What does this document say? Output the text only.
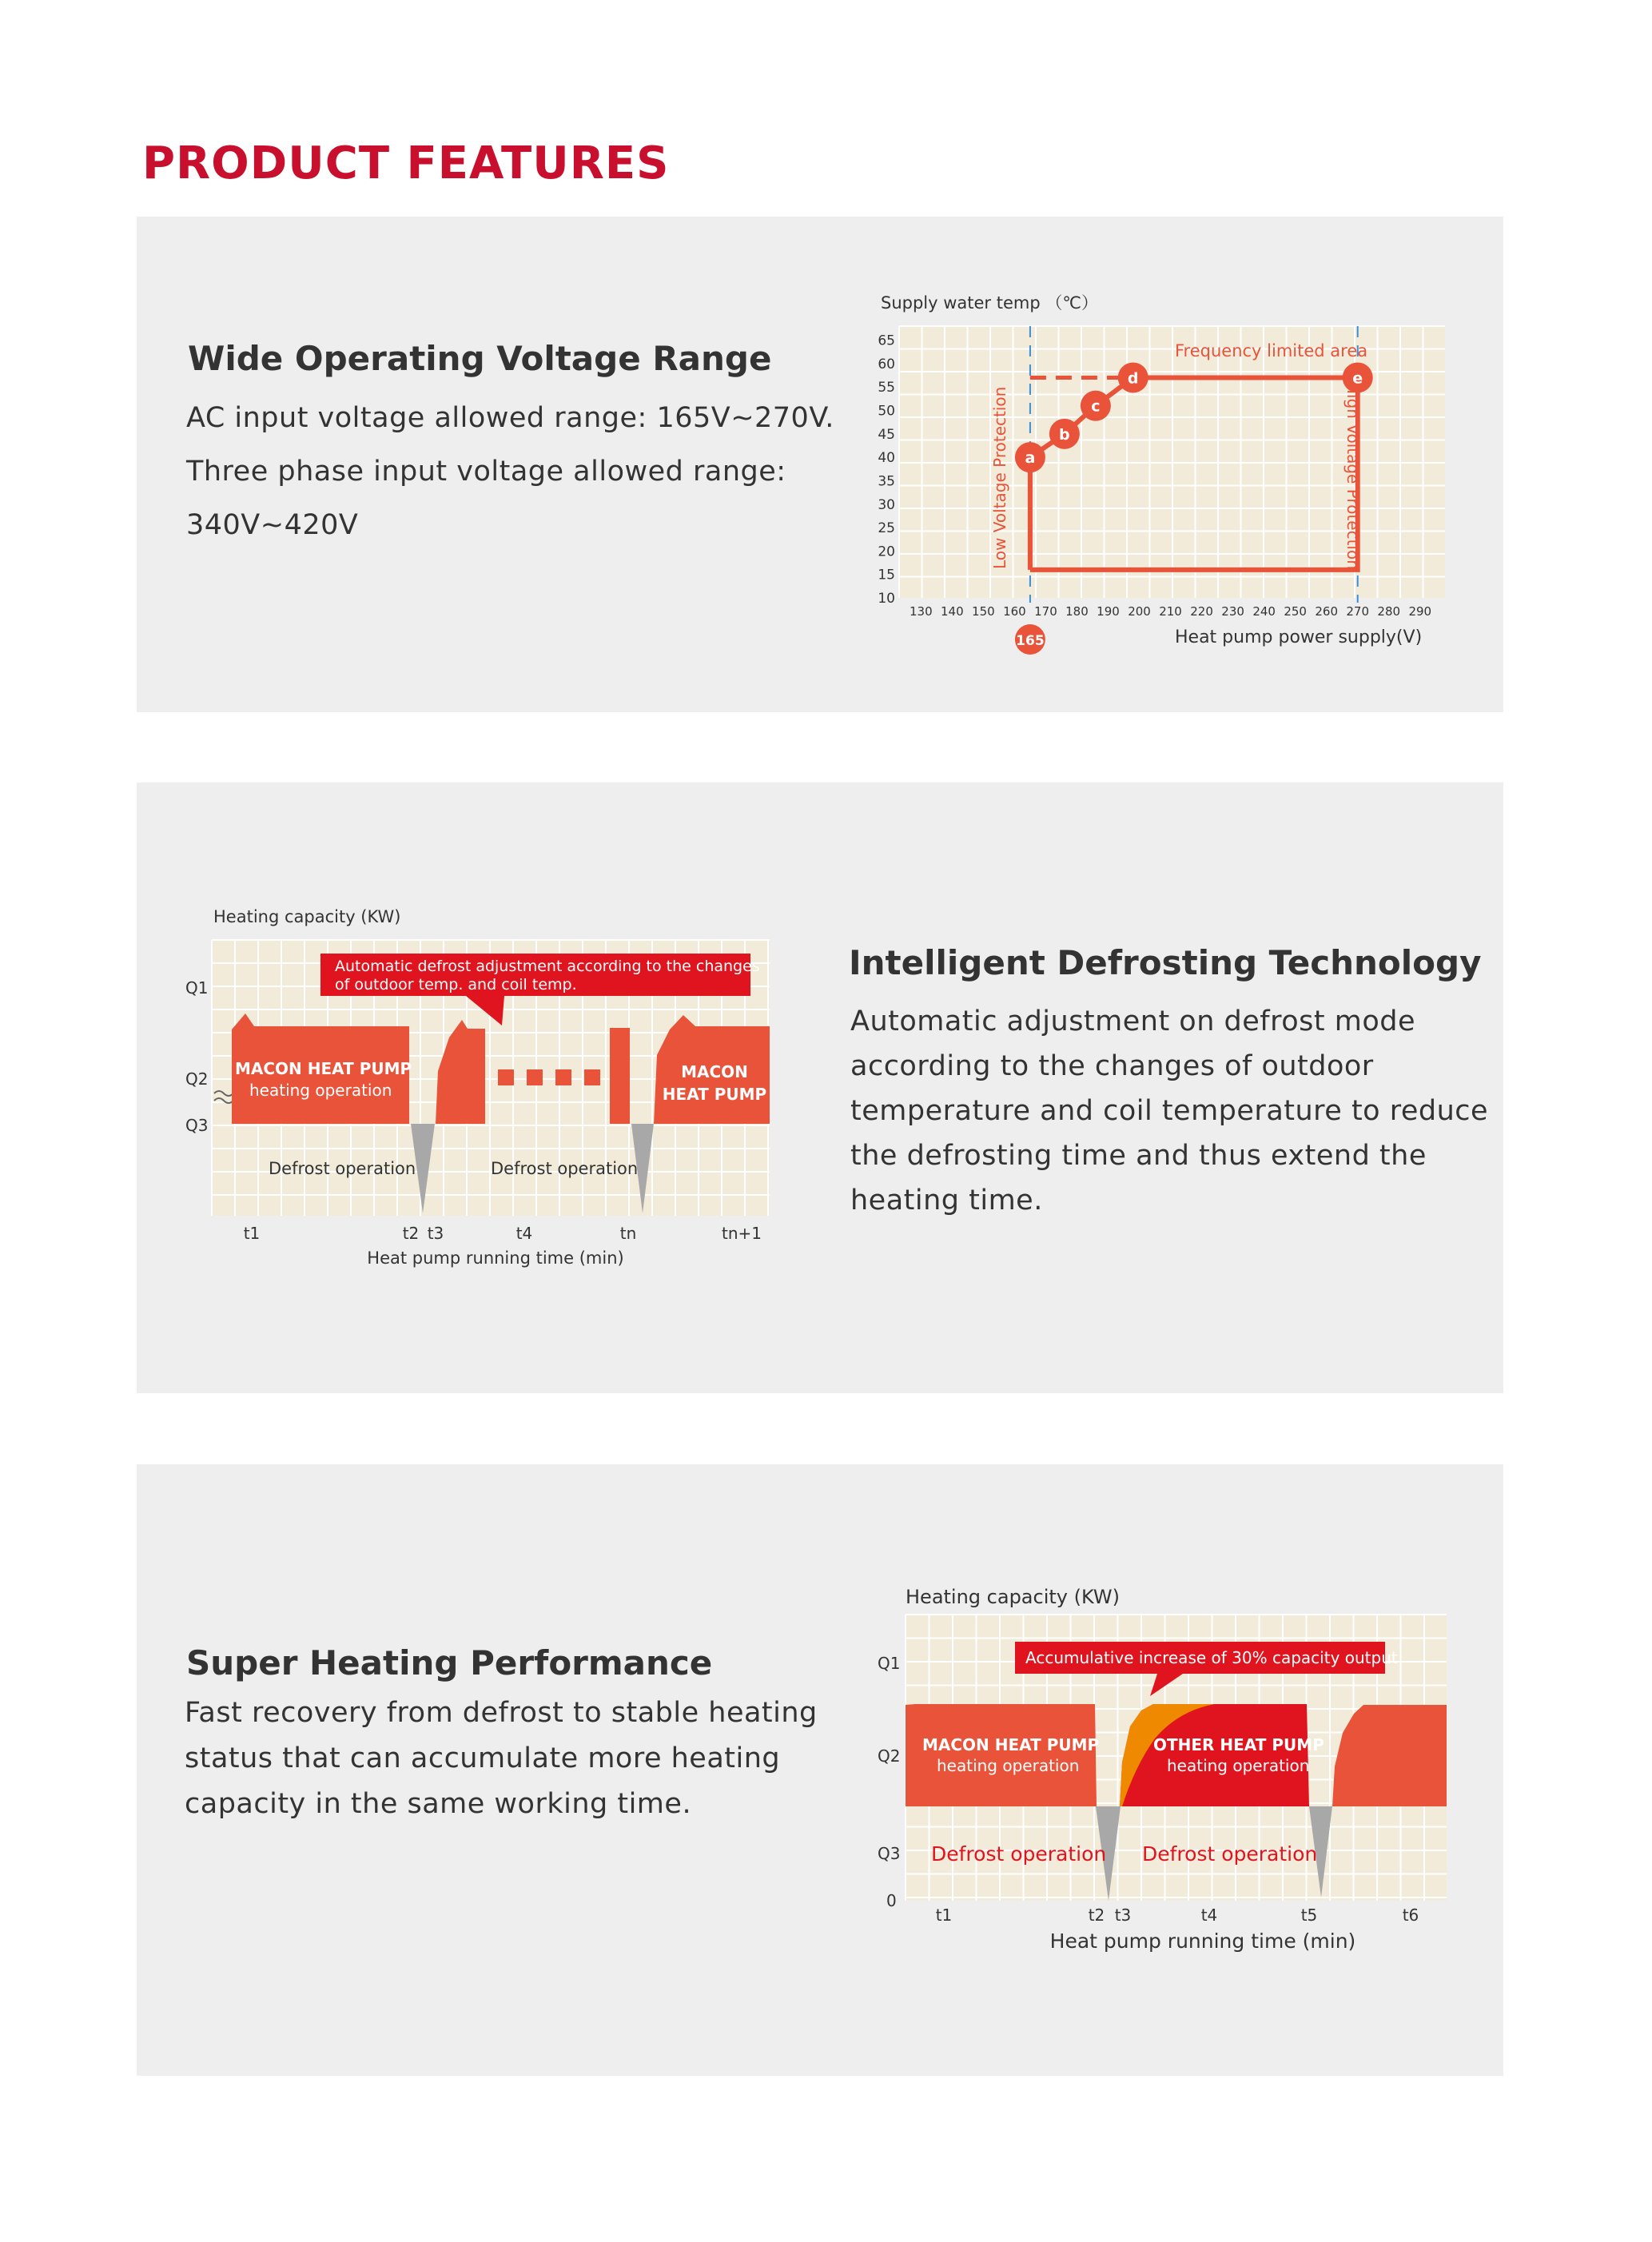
PRODUCT FEATURES
Wide Operating Voltage Range
AC input voltage allowed range: 165V~270V.
Three phase input voltage allowed range:
340V~420V
10
15
20
25
30
35
40
45
50
55
60
65
130 140 150 160 170 180 190 200 210 220 230 240 250 260 270 280 290
a
b
c
d	e
Supply water temp （℃）
Frequency limited area
Low Voltage Protection	High Voltage Protection
Heat pump power supply(V)
165
Intelligent Defrosting Technology
Automatic adjustment on defrost mode
according to the changes of outdoor
temperature and coil temperature to reduce
the defrosting time and thus extend the
heating time.
Heating capacity (KW)
Q1
Q2
Q3
Automatic defrost adjustment according to the changes
of outdoor temp. and coil temp.
MACON HEAT PUMP
heating operation
MACON
HEAT PUMP
Defrost operation	Defrost operation
t1	t2 t3	t4	tn	tn+1
Heat pump running time (min)
Super Heating Performance
Fast recovery from defrost to stable heating
status that can accumulate more heating
capacity in the same working time.
Heating capacity (KW)
Q1
Q2
Q3
0
Accumulative increase of 30% capacity output
MACON HEAT PUMP
heating operation
OTHER HEAT PUMP
heating operation
Defrost operation Defrost operation
t1	t2 t3	t4	t5	t6
Heat pump running time (min)
